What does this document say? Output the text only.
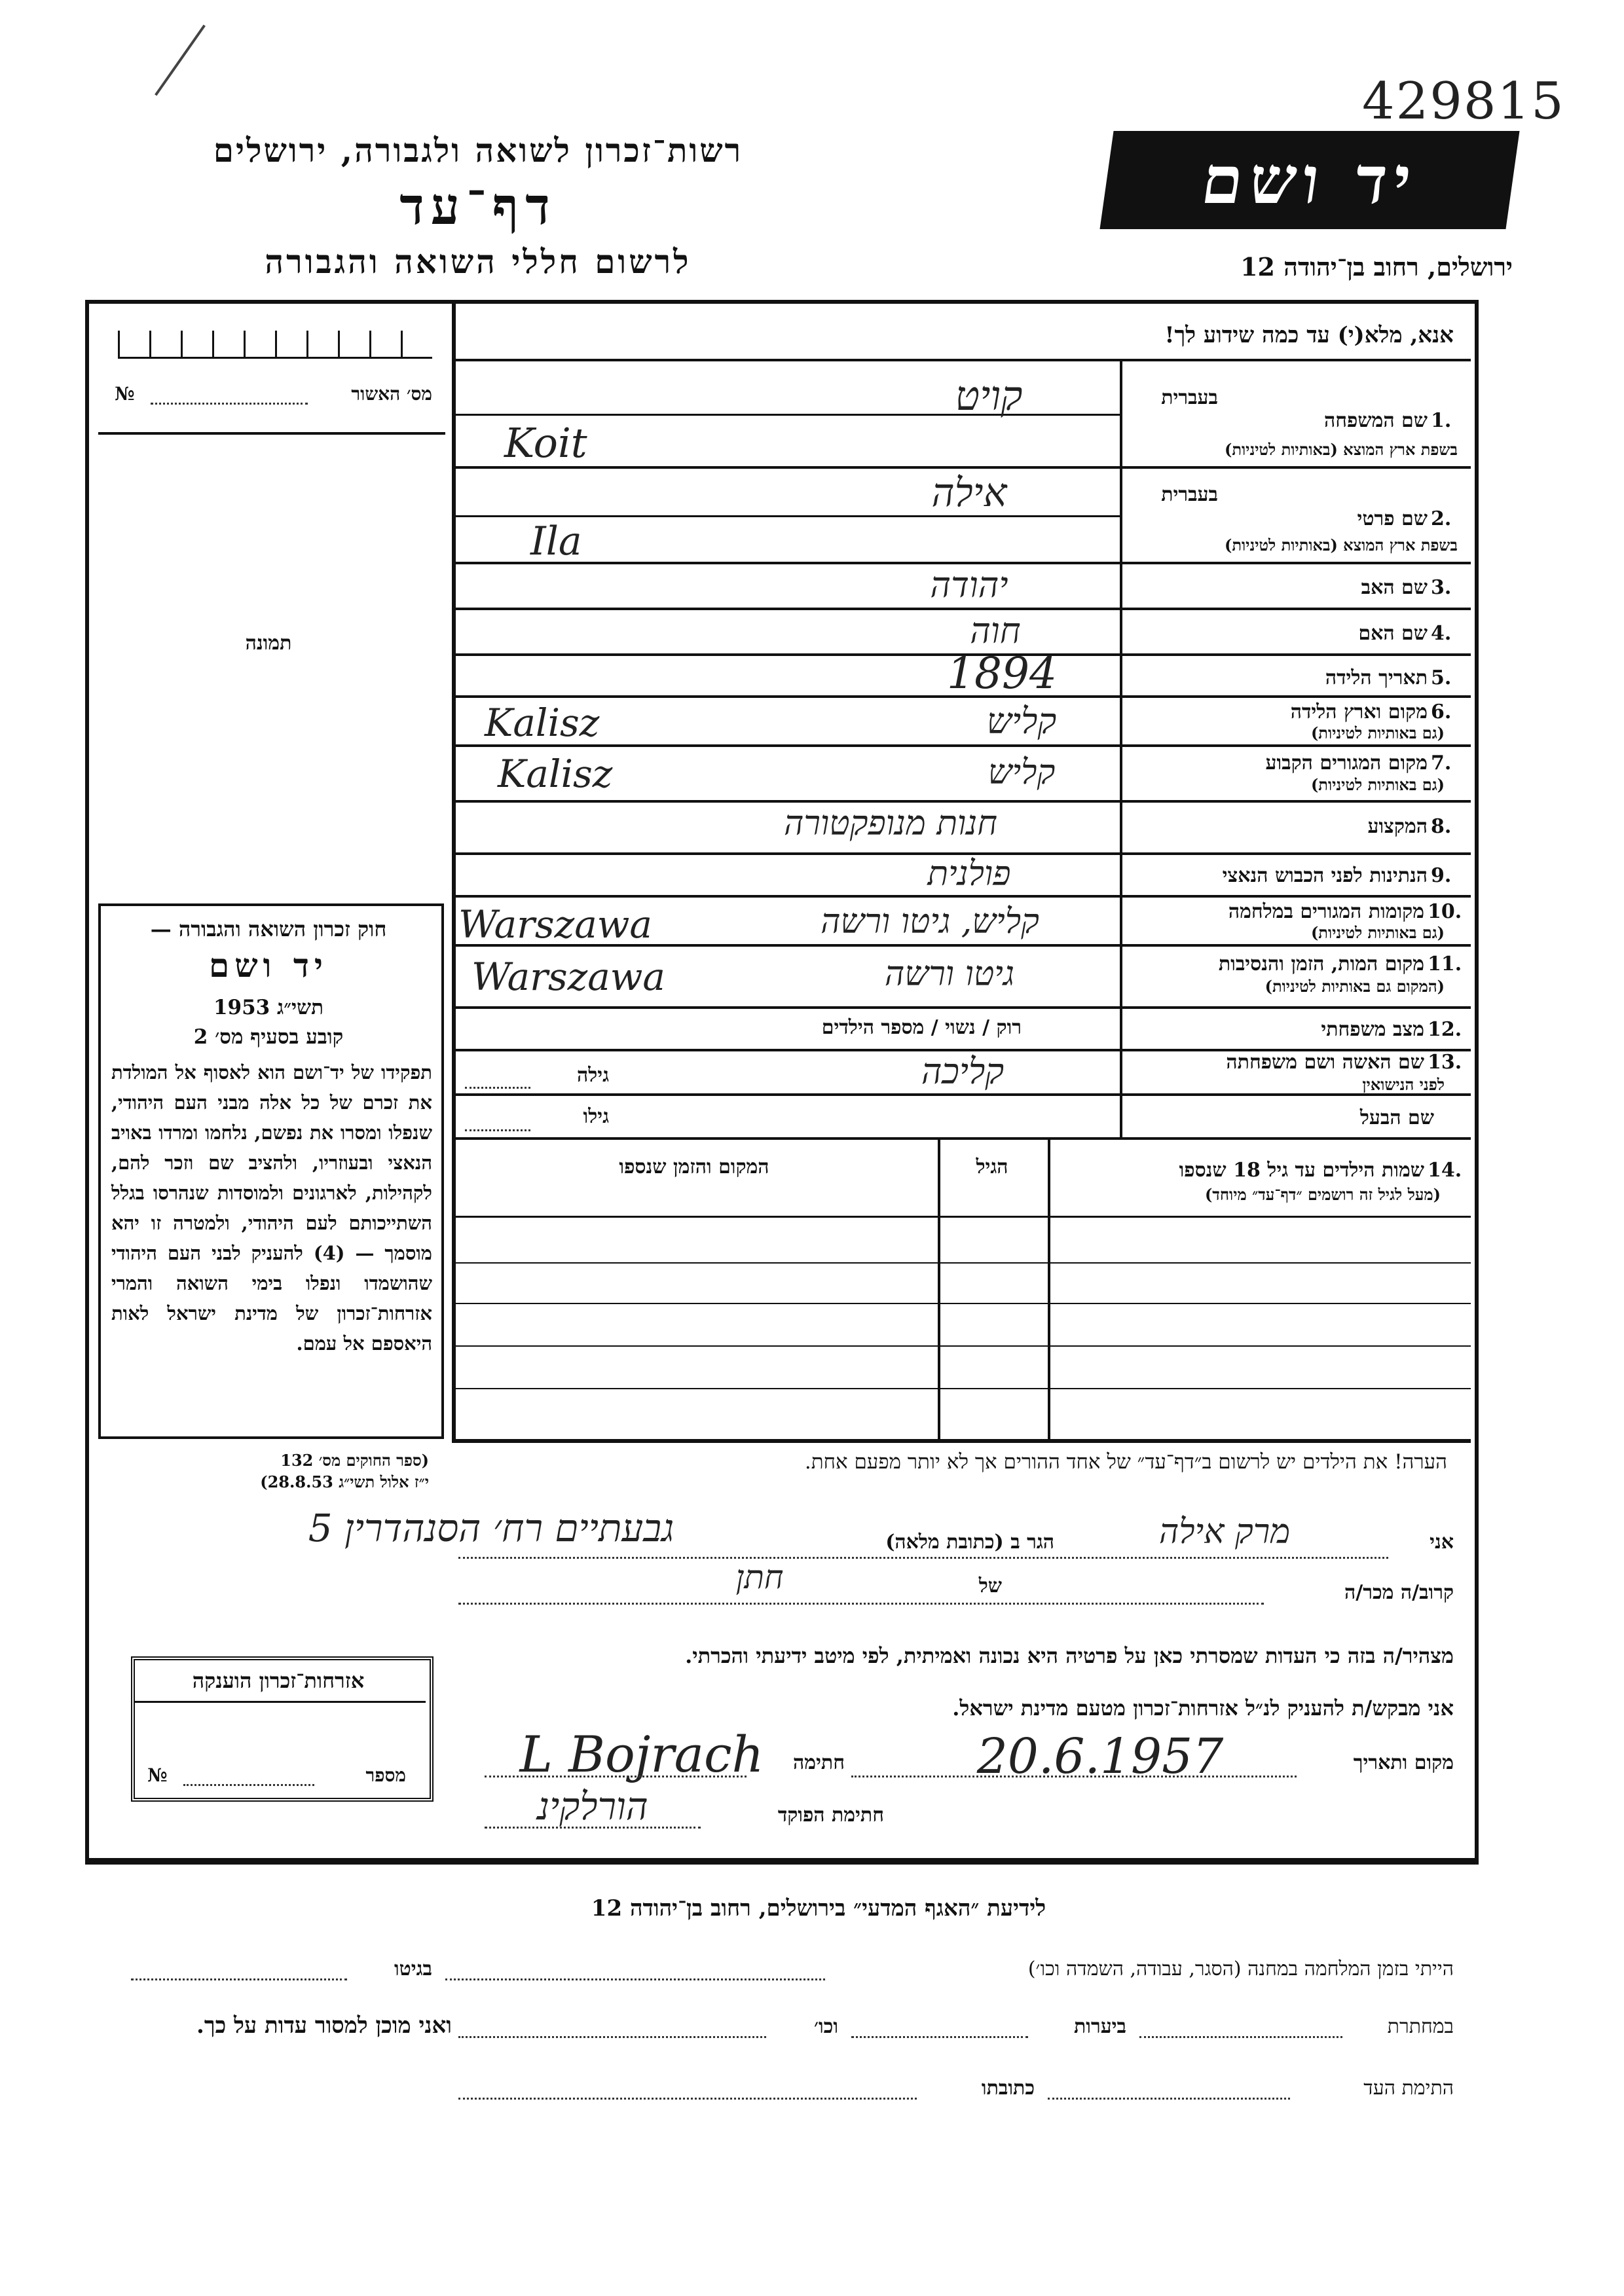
429815
רשות־זכרון לשואה ולגבורה, ירושלים
דף־עד
לרשום חללי השואה והגבורה
יד ושם
ירושלים, רחוב בן־יהודה 12
אנא, מלא(י) עד כמה שידוע לך!
מס׳ האשור
№
תמונה
בעברית
1.
שם המשפחה
בשפת ארץ המוצא (באותיות לטיניות)
קויט
Koit
בעברית
2.
שם פרטי
בשפת ארץ המוצא (באותיות לטיניות)
אילה
Ila
3.
שם האב
יהודה
4.
שם האם
חוה
5.
תאריך הלידה
1894
6.
מקום וארץ הלידה
(גם באותיות לטיניות)
קליש
Kalisz
7.
מקום המגורים הקבוע
(גם באותיות לטיניות)
קליש
Kalisz
8.
המקצוע
חנות מנופקטורה
9.
הנתינות לפני הכבוש הנאצי
פולנית
10.
מקומות המגורים במלחמה
(גם באותיות לטיניות)
קליש, גיטו ורשה
Warszawa
11.
מקום המות, הזמן והנסיבות
(המקום גם באותיות לטיניות)
גיטו ורשה
Warszawa
12.
מצב משפחתי
רוק / נשוי / מספר הילדים
13.
שם האשה ושם משפחתה
לפני הנישואין
קליכה
גילה
שם הבעל
גילו
14.
שמות הילדים עד גיל 18 שנספו
(מעל לגיל זה רושמים ״דף־עד״ מיוחד)
הגיל
המקום והזמן שנספו
חוק זכרון השואה והגבורה —
יד ושם
תשי״ג 1953
קובע בסעיף מס׳ 2
תפקידו של יד־ושם הוא לאסוף אל המולדת את זכרם של כל אלה מבני העם היהודי, שנפלו ומסרו את נפשם, נלחמו ומרדו באויב הנאצי ובעוזריו, ולהציב שם וזכר להם, לקהילות, לארגונים ולמוסדות שנהרסו בגלל השתייכותם לעם היהודי, ולמטרה זו יהא מוסמך — (4) להעניק לבני העם היהודי שהושמדו ונפלו בימי השואה והמרי אזרחות־זכרון של מדינת ישראל לאות היאספם אל עמם.
(ספר החוקים מס׳ 132
י״ז אלול תשי״ג 28.8.53)
הערה! את הילדים יש לרשום ב״דף־עד״ של אחד ההורים אך לא יותר מפעם אחת.
אני
מרק אילה
הגר ב (כתובת מלאה)
גבעתיים רח׳ הסנהדרין 5
קרוב/ה מכר/ה
חתן	של
מצהיר/ה בזה כי העדות שמסרתי כאן על פרטיה היא נכונה ואמיתית, לפי מיטב ידיעתי והכרתי.
אני מבקש/ת להעניק לנ״ל אזרחות־זכרון מטעם מדינת ישראל.
מקום ותאריך
20.6.1957
חתימה
L Bojrach
חתימת הפוקד
הורלקינ
אזרחות־זכרון הוענקה
מספר
№
לידיעת ״האגף המדעי״ בירושלים, רחוב בן־יהודה 12
הייתי בזמן המלחמה במחנה (הסגר, עבודה, השמדה וכו׳)
בגיטו
במחתרת
ביערות
וכו׳
ואני מוכן למסור עדות על כך.
התימת העד
כתובתו
